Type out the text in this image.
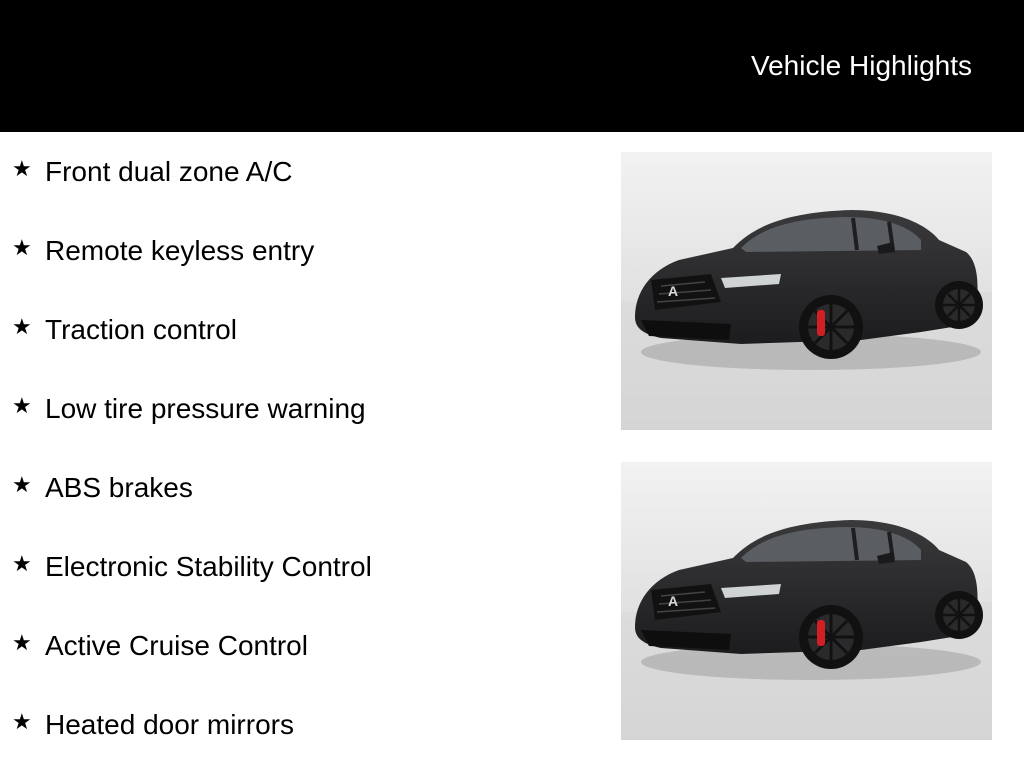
Vehicle Highlights
★ Front dual zone A/C
★ Remote keyless entry
★ Traction control
★ Low tire pressure warning
★ ABS brakes
★ Electronic Stability Control
★ Active Cruise Control
★ Heated door mirrors
A
A
